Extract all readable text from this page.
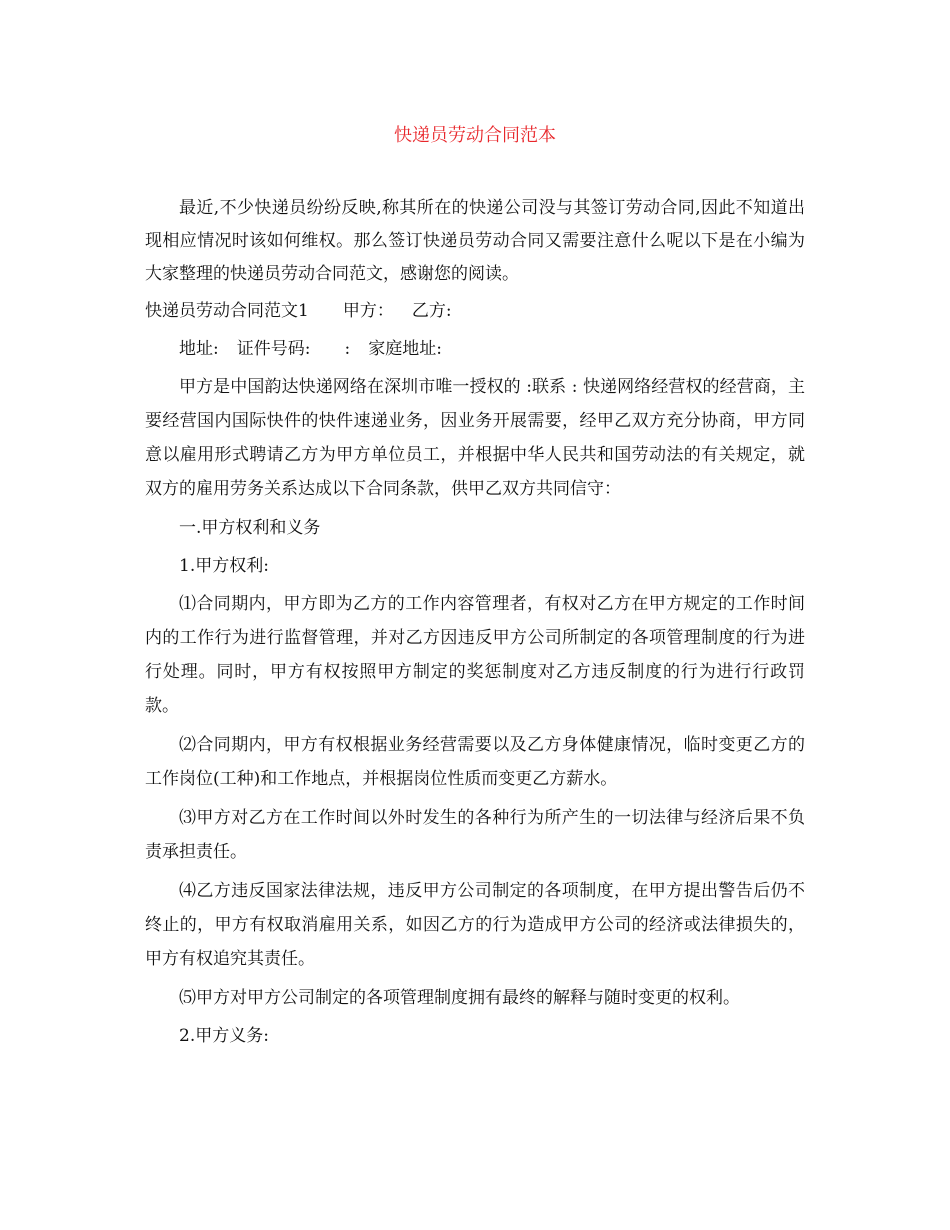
快递员劳动合同范本

最近,不少快递员纷纷反映,称其所在的快递公司没与其签订劳动合同,因此不知道出现相应情况时该如何维权。那么签订快递员劳动合同又需要注意什么呢以下是在小编为大家整理的快递员劳动合同范文，感谢您的阅读。

快递员劳动合同范文1 甲方： 乙方:

地址: 证件号码: : 家庭地址:

甲方是中国韵达快递网络在深圳市唯一授权的 :联系 : 快递网络经营权的经营商，主要经营国内国际快件的快件速递业务，因业务开展需要，经甲乙双方充分协商，甲方同意以雇用形式聘请乙方为甲方单位员工，并根据中华人民共和国劳动法的有关规定，就双方的雇用劳务关系达成以下合同条款，供甲乙双方共同信守：

一.甲方权利和义务

1.甲方权利:

⑴合同期内，甲方即为乙方的工作内容管理者，有权对乙方在甲方规定的工作时间内的工作行为进行监督管理，并对乙方因违反甲方公司所制定的各项管理制度的行为进行处理。同时，甲方有权按照甲方制定的奖惩制度对乙方违反制度的行为进行行政罚款。

⑵合同期内，甲方有权根据业务经营需要以及乙方身体健康情况，临时变更乙方的工作岗位(工种)和工作地点，并根据岗位性质而变更乙方薪水。

⑶甲方对乙方在工作时间以外时发生的各种行为所产生的一切法律与经济后果不负责承担责任。

⑷乙方违反国家法律法规，违反甲方公司制定的各项制度，在甲方提出警告后仍不终止的，甲方有权取消雇用关系，如因乙方的行为造成甲方公司的经济或法律损失的，甲方有权追究其责任。

⑸甲方对甲方公司制定的各项管理制度拥有最终的解释与随时变更的权利。

2.甲方义务:
